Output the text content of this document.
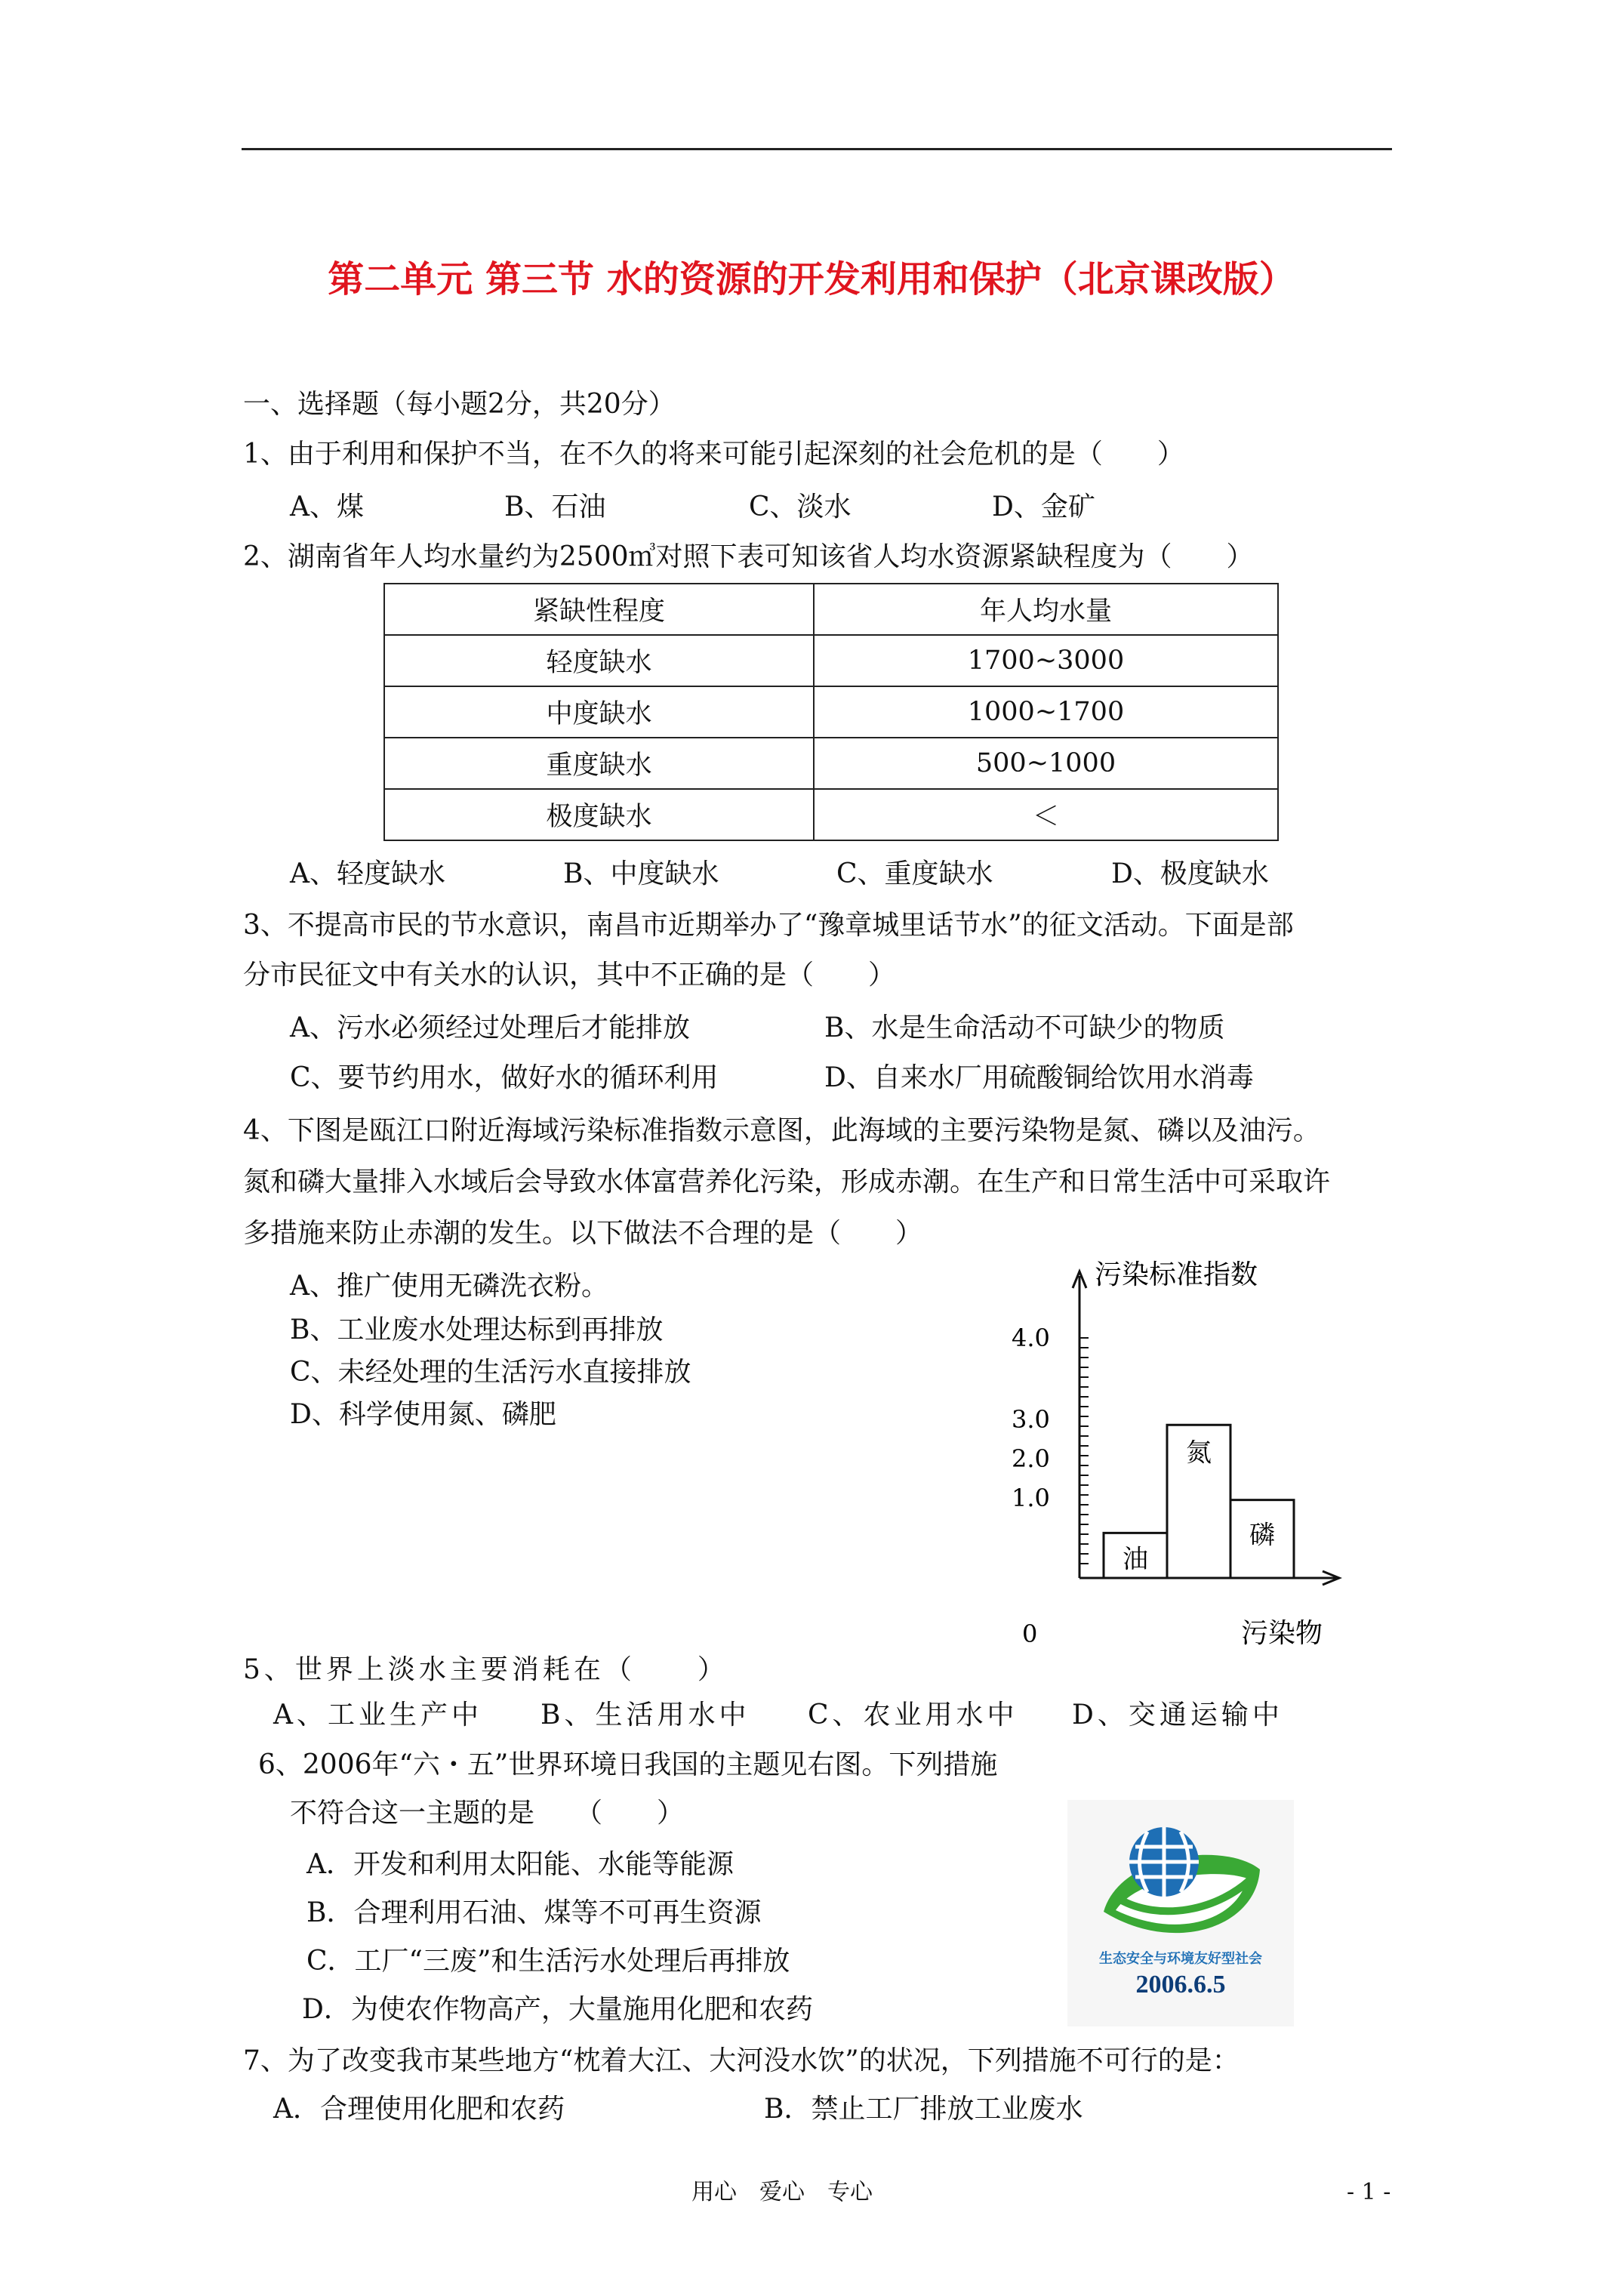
第二单元 第三节 水的资源的开发利用和保护（北京课改版）
一、选择题（每小题2分，共20分）
1、由于利用和保护不当，在不久的将来可能引起深刻的社会危机的是（　　）
A、煤	B、石油	C、淡水	D、金矿
2、湖南省年人均水量约为2500㎥对照下表可知该省人均水资源紧缺程度为（　　）
紧缺性程度	年人均水量
轻度缺水	1700~3000
中度缺水	1000~1700
重度缺水	500~1000
极度缺水	＜
A、轻度缺水	B、中度缺水	C、重度缺水	D、极度缺水
3、不提高市民的节水意识，南昌市近期举办了“豫章城里话节水”的征文活动。下面是部
分市民征文中有关水的认识，其中不正确的是（　　）
A、污水必须经过处理后才能排放	B、水是生命活动不可缺少的物质
C、要节约用水，做好水的循环利用	D、自来水厂用硫酸铜给饮用水消毒
4、下图是瓯江口附近海域污染标准指数示意图，此海域的主要污染物是氮、磷以及油污。
氮和磷大量排入水域后会导致水体富营养化污染，形成赤潮。在生产和日常生活中可采取许
多措施来防止赤潮的发生。以下做法不合理的是（　　）
A、推广使用无磷洗衣粉。
B、工业废水处理达标到再排放
C、未经处理的生活污水直接排放
D、科学使用氮、磷肥
污染标准指数
污染物
0
4.0
3.0
2.0
1.0
油
氮
磷
5、世界上淡水主要消耗在（　　）
A、工业生产中 B、生活用水中 C、农业用水中 D、交通运输中
6、2006年“六・五”世界环境日我国的主题见右图。下列措施
不符合这一主题的是　　（　　）
A．开发和利用太阳能、水能等能源
B．合理利用石油、煤等不可再生资源
C．工厂“三废”和生活污水处理后再排放
D．为使农作物高产，大量施用化肥和农药
生态安全与环境友好型社会
2006.6.5
7、为了改变我市某些地方“枕着大江、大河没水饮”的状况，下列措施不可行的是：
A．合理使用化肥和农药	B．禁止工厂排放工业废水
用心　爱心　专心	- 1 -
